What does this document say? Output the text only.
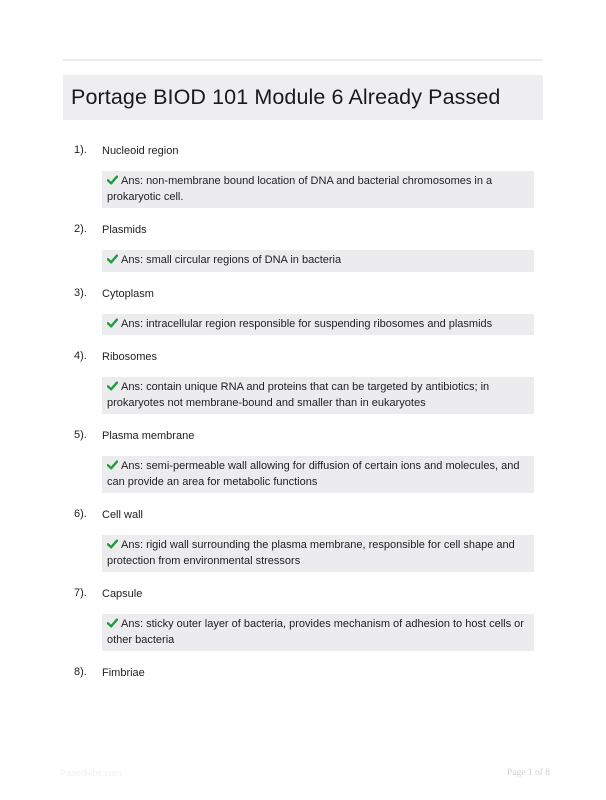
Portage BIOD 101 Module 6 Already Passed
1). Nucleoid region
Ans: non-membrane bound location of DNA and bacterial chromosomes in a prokaryotic cell.
2). Plasmids
Ans: small circular regions of DNA in bacteria
3). Cytoplasm
Ans: intracellular region responsible for suspending ribosomes and plasmids
4). Ribosomes
Ans: contain unique RNA and proteins that can be targeted by antibiotics; in prokaryotes not membrane-bound and smaller than in eukaryotes
5). Plasma membrane
Ans: semi-permeable wall allowing for diffusion of certain ions and molecules, and can provide an area for metabolic functions
6). Cell wall
Ans: rigid wall surrounding the plasma membrane, responsible for cell shape and protection from environmental stressors
7). Capsule
Ans: sticky outer layer of bacteria, provides mechanism of adhesion to host cells or other bacteria
8). Fimbriae
PaperNibs.com	Page 1 of 8
